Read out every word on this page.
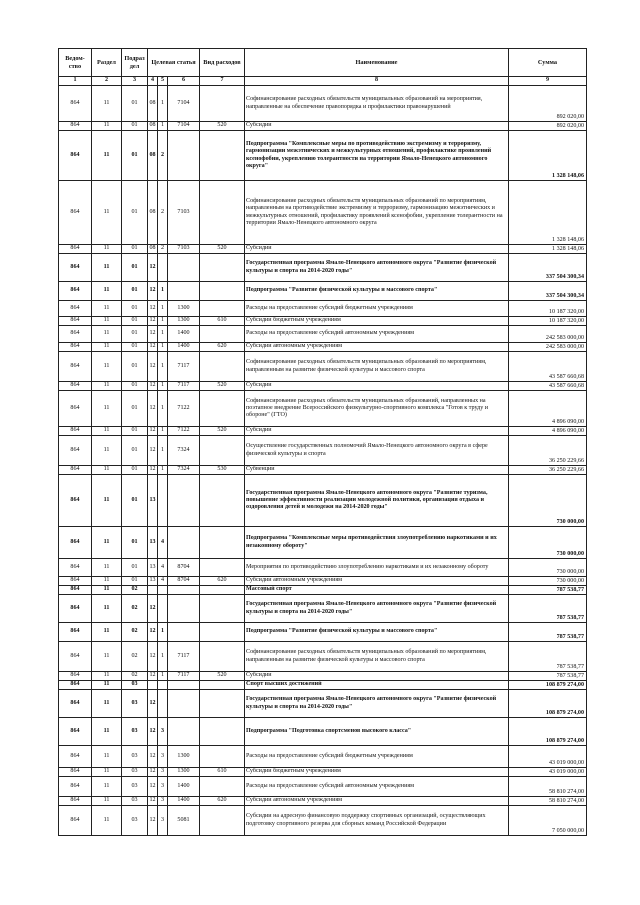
Ведом-ство	Раздел	Подраз дел	Целевая статья			Вид расходов	Наименование	Сумма

1	2	3	4	5	6	7	8	9
864	11	01	08	1	7104		Софинансирование расходных обязательств муниципальных образований на мероприятия, направленные на обеспечение правопорядка и профилактики правонарушений	892 020,00
864	11	01	08	1	7104	520	Субсидии	892 020,00
864	11	01	08	2			Подпрограмма "Комплексные меры по противодействию экстремизму и терроризму, гармонизации межэтнических и межкультурных отношений, профилактике проявлений ксенофобии, укреплению толерантности на территории Ямало-Ненецкого автономного округа"	1 328 148,06
864	11	01	08	2	7103		Софинансирование расходных обязательств муниципальных образований по мероприятиям, направленным на противодействие экстремизму и терроризму, гармонизацию межэтнических и межкультурных отношений, профилактику проявлений ксенофобии, укрепление толерантности на территории Ямало-Ненецкого автономного округа	1 328 148,06
864	11	01	08	2	7103	520	Субсидии	1 328 148,06
864	11	01	12				Государственная программа Ямало-Ненецкого автономного округа "Развитие физической культуры и спорта на 2014-2020 годы"	337 504 300,34
864	11	01	12	1			Подпрограмма "Развитие физической культуры и массового спорта"	337 504 300,34
864	11	01	12	1	1300		Расходы на предоставление субсидий бюджетным учреждениям	10 187 320,00
864	11	01	12	1	1300	610	Субсидии бюджетным учреждениям	10 187 320,00
864	11	01	12	1	1400		Расходы на предоставление субсидий автономным учреждениям	242 583 000,00
864	11	01	12	1	1400	620	Субсидии автономным учреждениям	242 583 000,00
864	11	01	12	1	7117		Софинансирование расходных обязательств муниципальных образований по мероприятиям, направленным на развитие физической культуры и массового спорта	43 587 660,68
864	11	01	12	1	7117	520	Субсидии	43 587 660,68
864	11	01	12	1	7122		Софинансирование расходных обязательств муниципальных образований, направленных на поэтапное внедрение Всероссийского физкультурно-спортивного комплекса "Готов к труду и обороне" (ГТО)	4 896 090,00
864	11	01	12	1	7122	520	Субсидии	4 896 090,00
864	11	01	12	1	7324		Осуществление государственных полномочий Ямало-Ненецкого автономного округа в сфере физической культуры и спорта	36 250 229,66
864	11	01	12	1	7324	530	Субвенции	36 250 229,66
864	11	01	13				Государственная программа Ямало-Ненецкого автономного округа "Развитие туризма, повышение эффективности реализации молодежной политики, организация отдыха и оздоровления детей и молодежи на 2014-2020 годы"	730 000,00
864	11	01	13	4			Подпрограмма "Комплексные меры противодействия злоупотреблению наркотиками и их незаконному обороту"	730 000,00
864	11	01	13	4	8704		Мероприятия по противодействию злоупотреблению наркотиками и их незаконному обороту	730 000,00
864	11	01	13	4	8704	620	Субсидии автономным учреждениям	730 000,00
864	11	02					Массовый спорт	787 538,77
864	11	02	12				Государственная программа Ямало-Ненецкого автономного округа "Развитие физической культуры и спорта на 2014-2020 годы"	787 538,77
864	11	02	12	1			Подпрограмма "Развитие физической культуры и массового спорта"	787 538,77
864	11	02	12	1	7117		Софинансирование расходных обязательств муниципальных образований по мероприятиям, направленным на развитие физической культуры и массового спорта	787 538,77
864	11	02	12	1	7117	520	Субсидии	787 538,77
864	11	03					Спорт высших достижений	108 879 274,00
864	11	03	12				Государственная программа Ямало-Ненецкого автономного округа "Развитие физической культуры и спорта на 2014-2020 годы"	108 879 274,00
864	11	03	12	3			Подпрограмма "Подготовка спортсменов высокого класса"	108 879 274,00
864	11	03	12	3	1300		Расходы на предоставление субсидий бюджетным учреждениям	43 019 000,00
864	11	03	12	3	1300	610	Субсидии бюджетным учреждениям	43 019 000,00
864	11	03	12	3	1400		Расходы на предоставление субсидий автономным учреждениям	58 810 274,00
864	11	03	12	3	1400	620	Субсидии автономным учреждениям	58 810 274,00
864	11	03	12	3	5081		Субсидии на адресную финансовую поддержку спортивных организаций, осуществляющих подготовку спортивного резерва для сборных команд Российской Федерации	7 050 000,00
